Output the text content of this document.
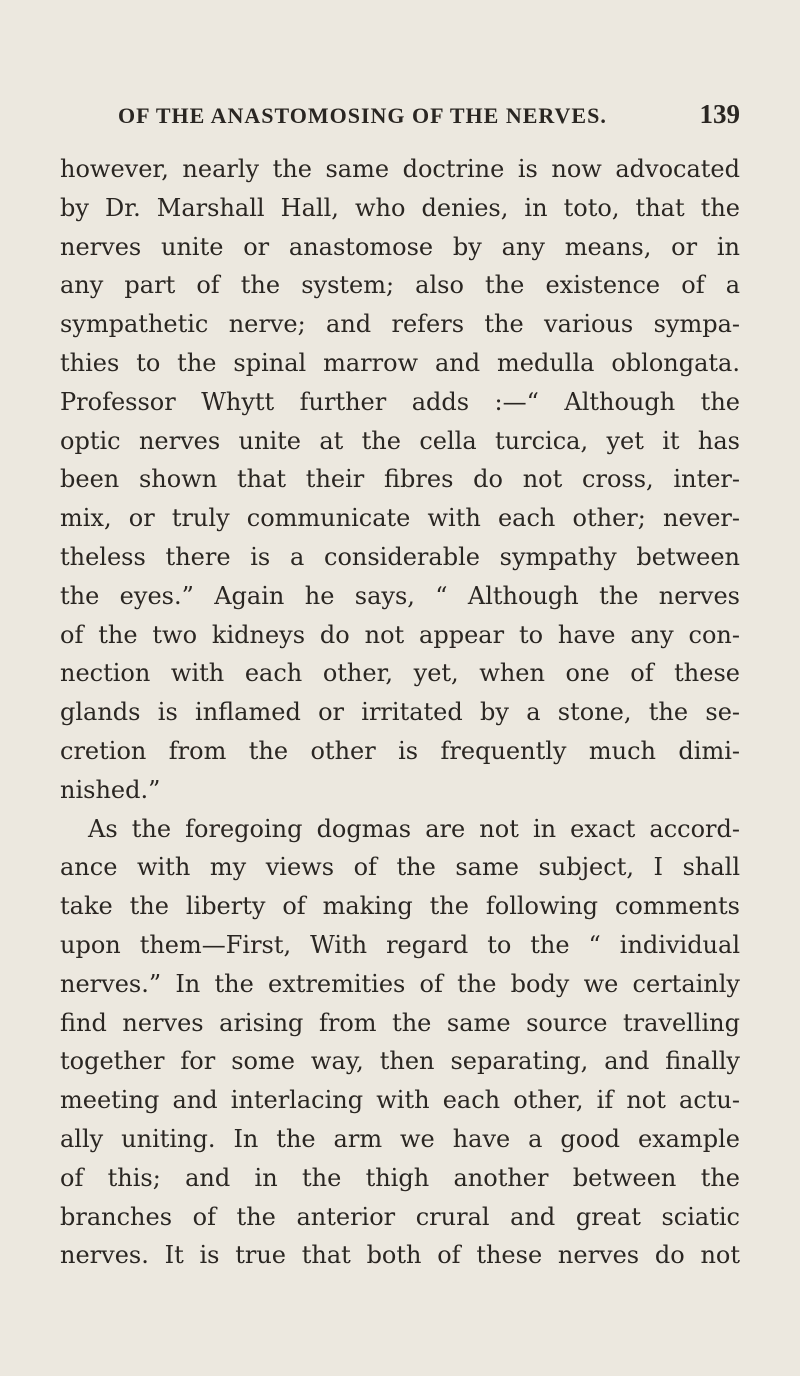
OF THE ANASTOMOSING OF THE NERVES.	139
however, nearly the same doctrine is now advocated
by Dr. Marshall Hall, who denies, in toto, that the
nerves unite or anastomose by any means, or in
any part of the system; also the existence of a
sympathetic nerve; and refers the various sympa-
thies to the spinal marrow and medulla oblongata.
Professor Whytt further adds :—“ Although the
optic nerves unite at the cella turcica, yet it has
been shown that their fibres do not cross, inter-
mix, or truly communicate with each other; never-
theless there is a considerable sympathy between
the eyes.” Again he says, “ Although the nerves
of the two kidneys do not appear to have any con-
nection with each other, yet, when one of these
glands is inflamed or irritated by a stone, the se-
cretion from the other is frequently much dimi-
nished.”
As the foregoing dogmas are not in exact accord-
ance with my views of the same subject, I shall
take the liberty of making the following comments
upon them—First, With regard to the “ individual
nerves.” In the extremities of the body we certainly
find nerves arising from the same source travelling
together for some way, then separating, and finally
meeting and interlacing with each other, if not actu-
ally uniting. In the arm we have a good example
of this; and in the thigh another between the
branches of the anterior crural and great sciatic
nerves. It is true that both of these nerves do not
